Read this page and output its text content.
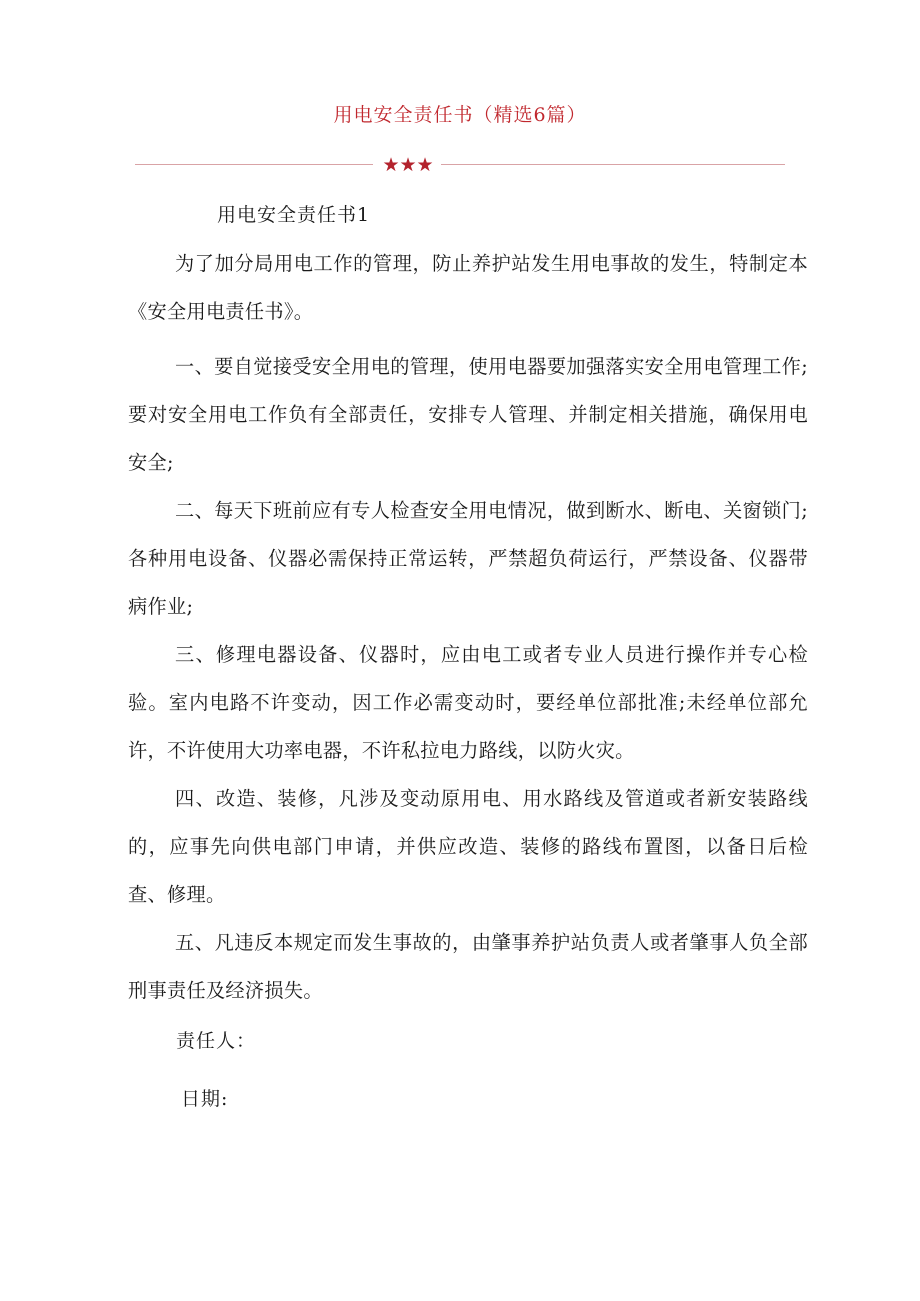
用电安全责任书（精选6篇）
★★★
用电安全责任书1

为了加分局用电工作的管理，防止养护站发生用电事故的发生，特制定本《安全用电责任书》。

一、要自觉接受安全用电的管理，使用电器要加强落实安全用电管理工作;要对安全用电工作负有全部责任，安排专人管理、并制定相关措施，确保用电安全;

二、每天下班前应有专人检查安全用电情况，做到断水、断电、关窗锁门;各种用电设备、仪器必需保持正常运转，严禁超负荷运行，严禁设备、仪器带病作业;

三、修理电器设备、仪器时，应由电工或者专业人员进行操作并专心检验。室内电路不许变动，因工作必需变动时，要经单位部批准;未经单位部允许，不许使用大功率电器，不许私拉电力路线，以防火灾。

四、改造、装修，凡涉及变动原用电、用水路线及管道或者新安装路线的，应事先向供电部门申请，并供应改造、装修的路线布置图，以备日后检查、修理。

五、凡违反本规定而发生事故的，由肇事养护站负责人或者肇事人负全部刑事责任及经济损失。

责任人：
日期:
